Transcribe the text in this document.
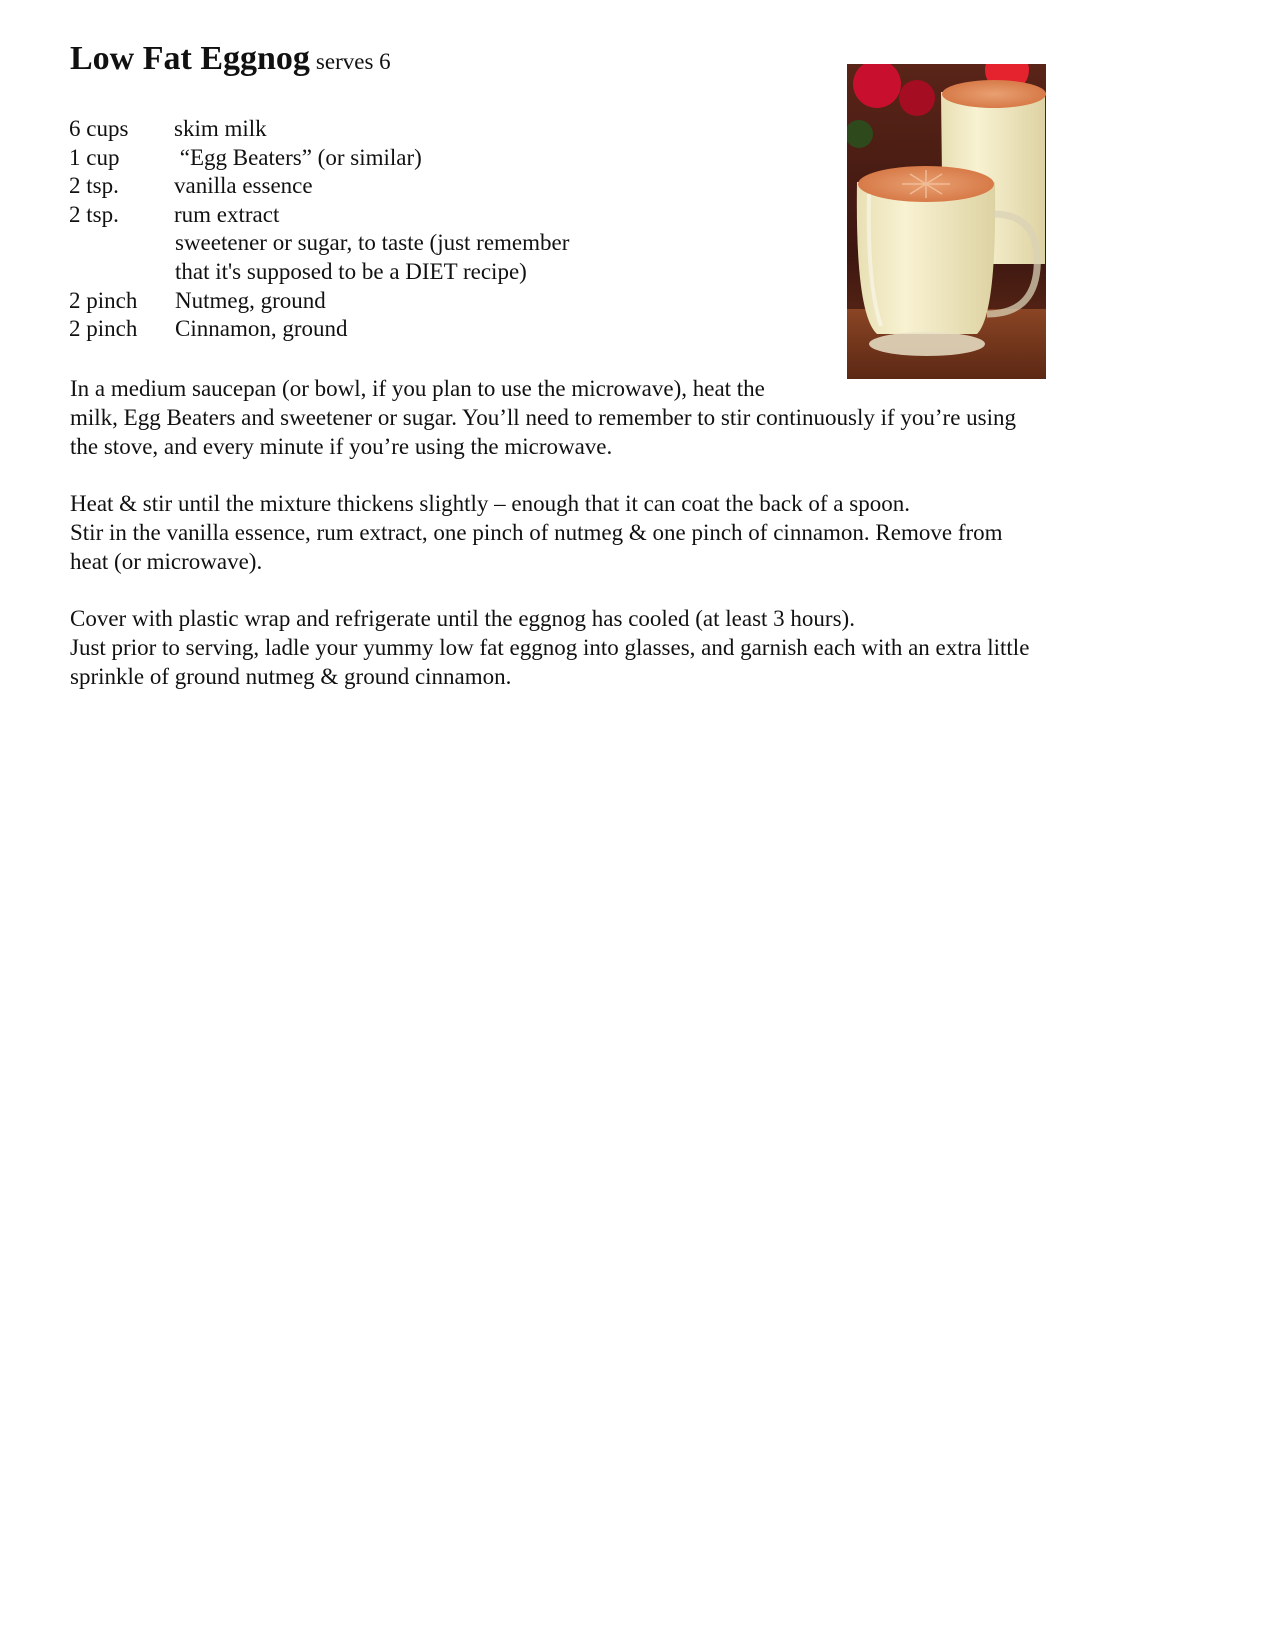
Low Fat Eggnog serves 6
6 cups	skim milk
1 cup	“Egg Beaters” (or similar)
2 tsp.	vanilla essence
2 tsp.	rum extract
sweetener or sugar, to taste (just remember
that it's supposed to be a DIET recipe)
2 pinch	Nutmeg, ground
2 pinch	Cinnamon, ground

In a medium saucepan (or bowl, if you plan to use the microwave), heat the
milk, Egg Beaters and sweetener or sugar. You’ll need to remember to stir continuously if you’re using
the stove, and every minute if you’re using the microwave.

Heat & stir until the mixture thickens slightly – enough that it can coat the back of a spoon.
Stir in the vanilla essence, rum extract, one pinch of nutmeg & one pinch of cinnamon. Remove from
heat (or microwave).

Cover with plastic wrap and refrigerate until the eggnog has cooled (at least 3 hours).
Just prior to serving, ladle your yummy low fat eggnog into glasses, and garnish each with an extra little
sprinkle of ground nutmeg & ground cinnamon.
